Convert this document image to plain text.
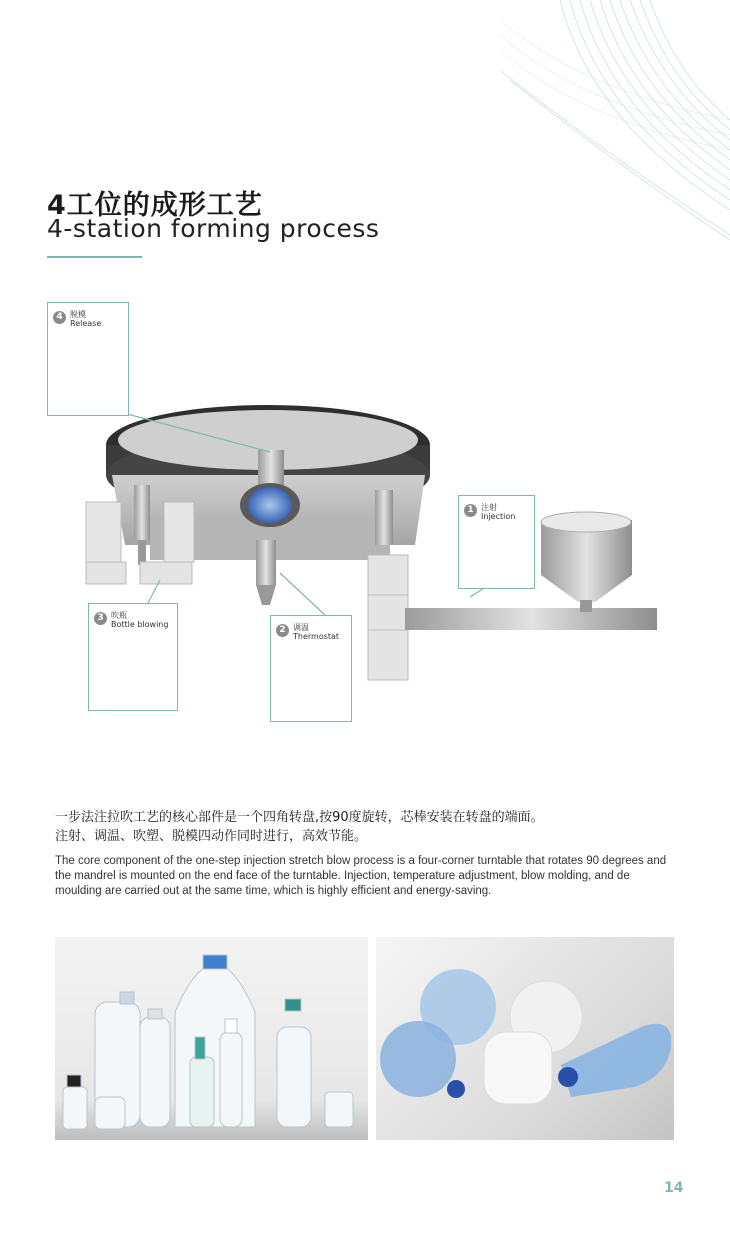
4工位的成形工艺
4-station forming process
4 脱模
Release
1 注射
Injection
3 吹瓶
Bottle blowing
2 调温
Thermostat

一步法注拉吹工艺的核心部件是一个四角转盘,按90度旋转，芯棒安装在转盘的端面。

注射、调温、吹塑、脱模四动作同时进行，高效节能。

The core component of the one-step injection stretch blow process is a four-corner turntable that rotates 90 degrees and the mandrel is mounted on the end face of the turntable. Injection, temperature adjustment, blow molding, and de moulding are carried out at the same time, which is highly efficient and energy-saving.

14
